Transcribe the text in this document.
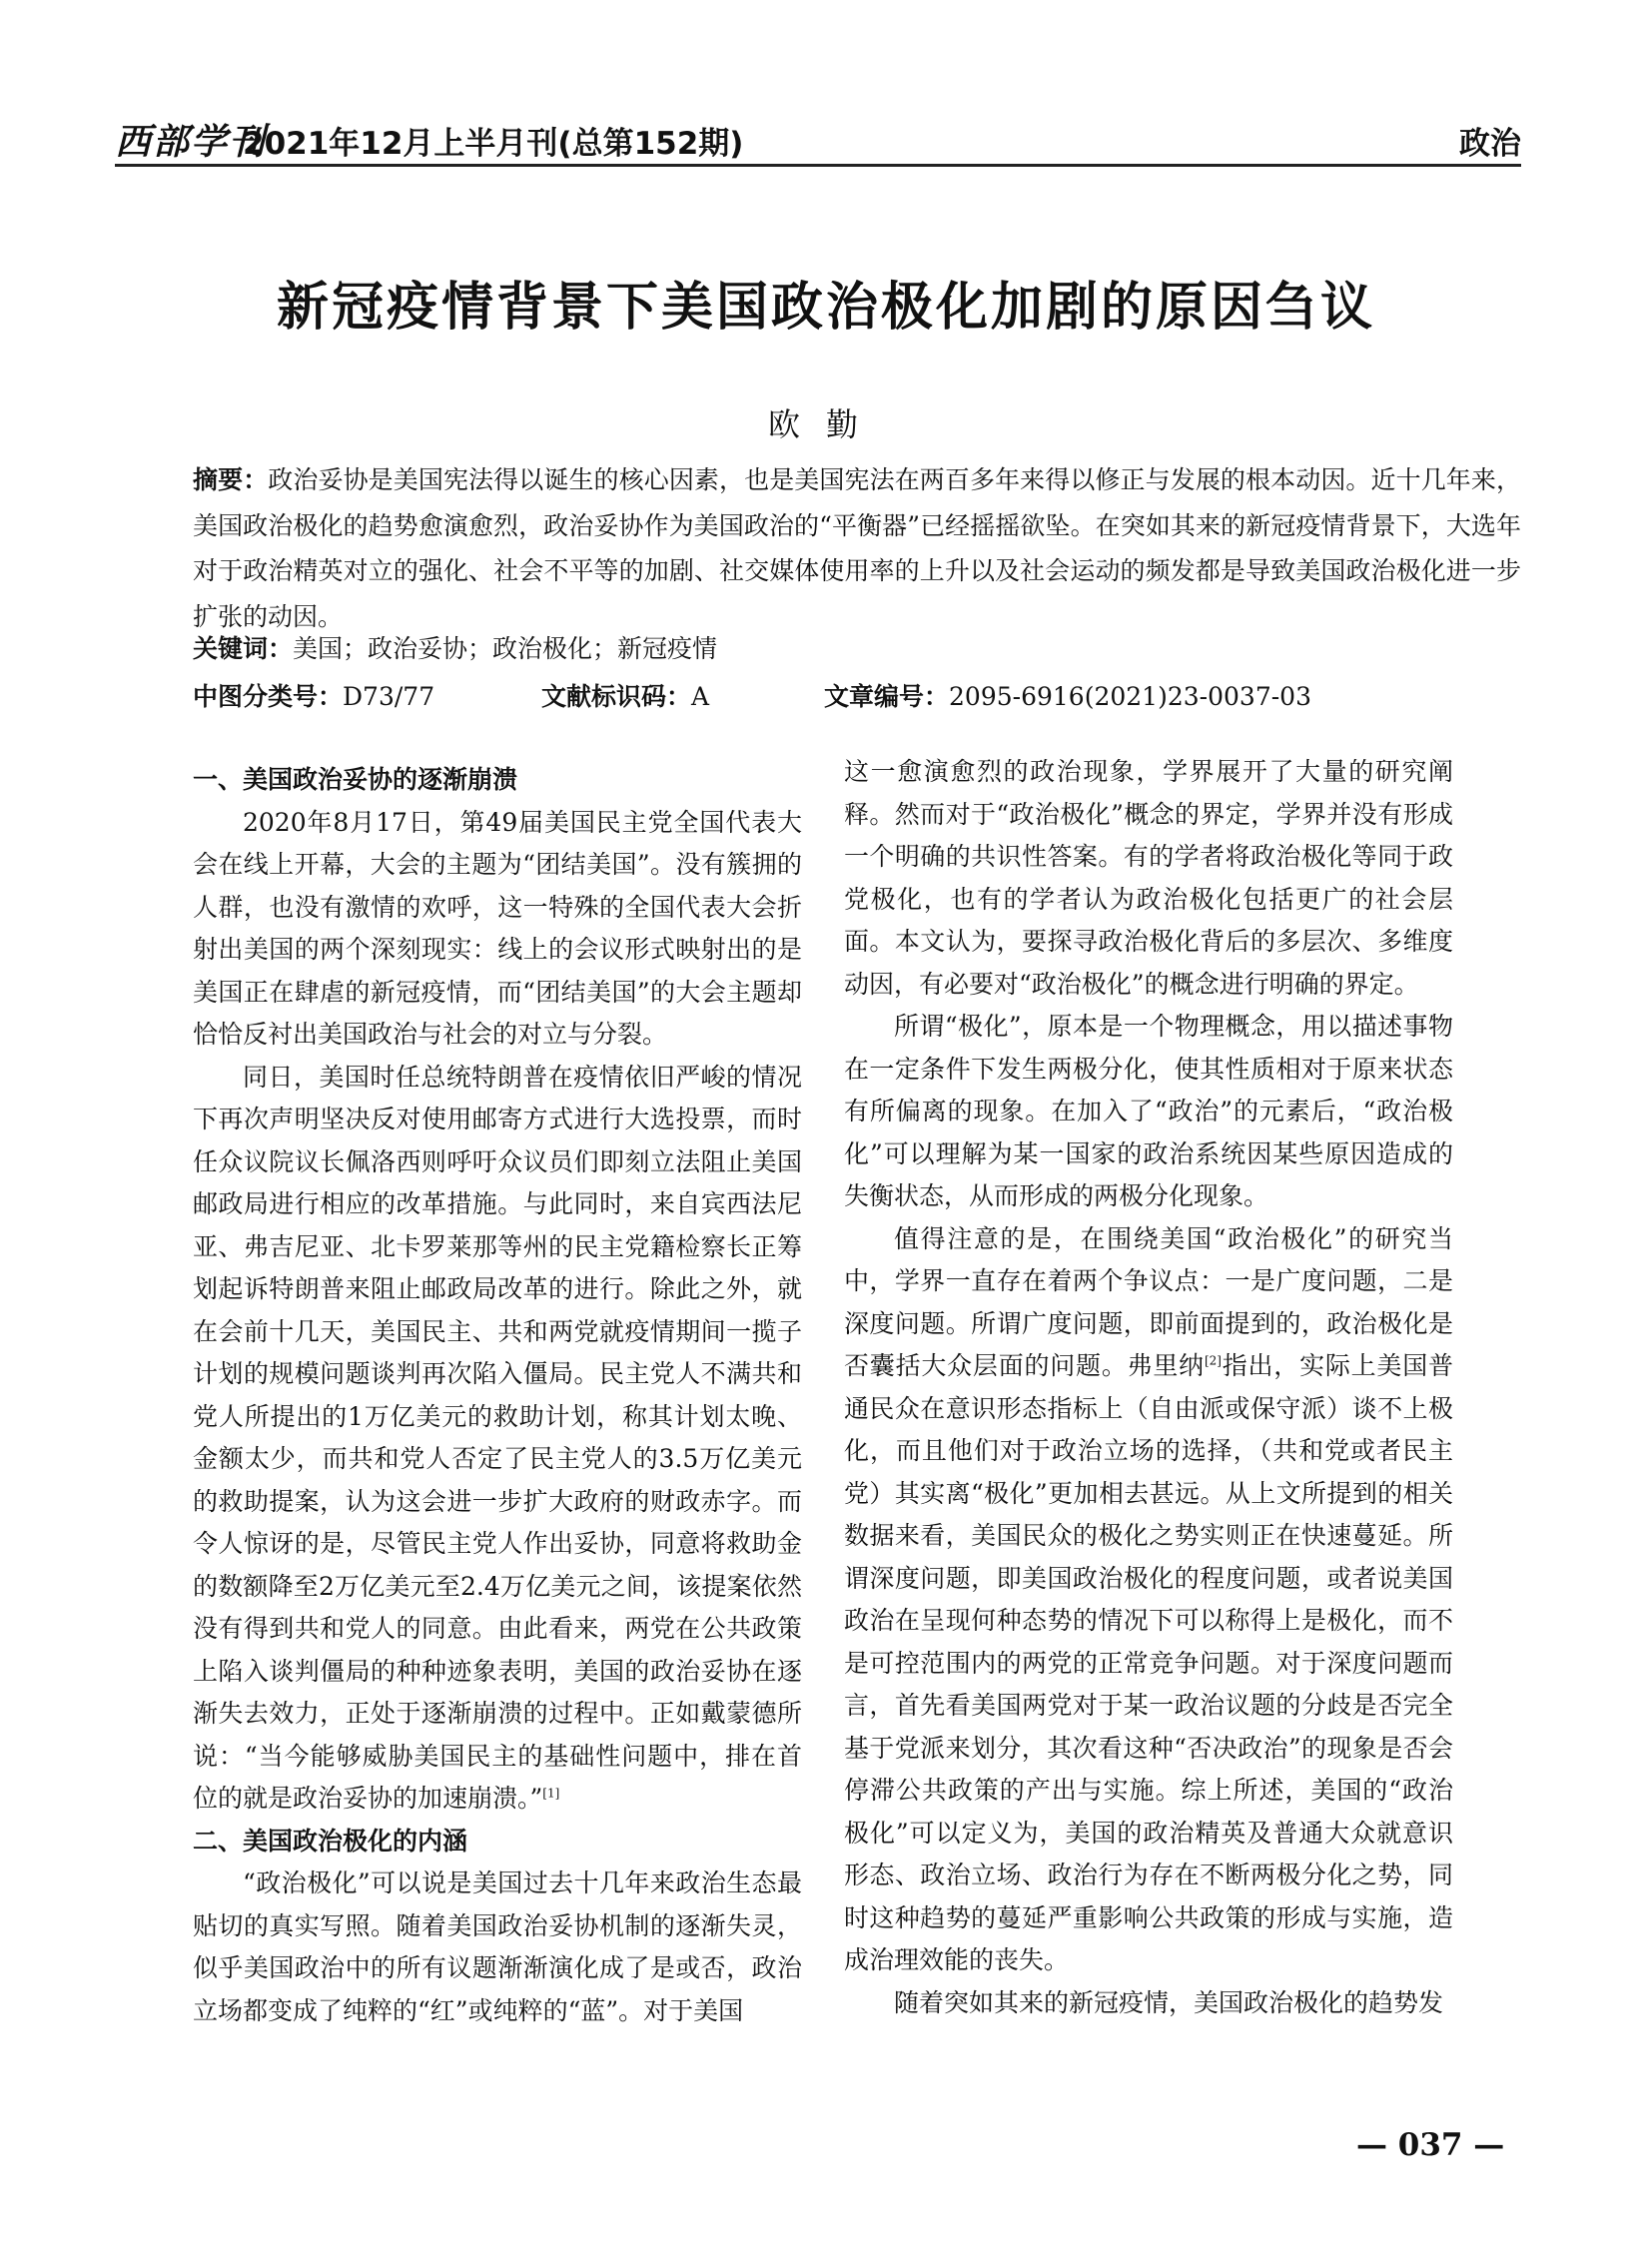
西部学刊
2021年12月上半月刊(总第152期)	政治
新冠疫情背景下美国政治极化加剧的原因刍议
欧勤

摘要：政治妥协是美国宪法得以诞生的核心因素，也是美国宪法在两百多年来得以修正与发展的根本动因。近十几年来，美国政治极化的趋势愈演愈烈，政治妥协作为美国政治的“平衡器”已经摇摇欲坠。在突如其来的新冠疫情背景下，大选年对于政治精英对立的强化、社会不平等的加剧、社交媒体使用率的上升以及社会运动的频发都是导致美国政治极化进一步扩张的动因。

关键词：美国；政治妥协；政治极化；新冠疫情

中图分类号：D73/77	文献标识码：A	文章编号：2095-6916(2021)23-0037-03
一、美国政治妥协的逐渐崩溃

2020年8月17日，第49届美国民主党全国代表大会在线上开幕，大会的主题为“团结美国”。没有簇拥的人群，也没有激情的欢呼，这一特殊的全国代表大会折射出美国的两个深刻现实：线上的会议形式映射出的是美国正在肆虐的新冠疫情，而“团结美国”的大会主题却恰恰反衬出美国政治与社会的对立与分裂。

同日，美国时任总统特朗普在疫情依旧严峻的情况下再次声明坚决反对使用邮寄方式进行大选投票，而时任众议院议长佩洛西则呼吁众议员们即刻立法阻止美国邮政局进行相应的改革措施。与此同时，来自宾西法尼亚、弗吉尼亚、北卡罗莱那等州的民主党籍检察长正筹划起诉特朗普来阻止邮政局改革的进行。除此之外，就在会前十几天，美国民主、共和两党就疫情期间一揽子计划的规模问题谈判再次陷入僵局。民主党人不满共和党人所提出的1万亿美元的救助计划，称其计划太晚、金额太少，而共和党人否定了民主党人的3.5万亿美元的救助提案，认为这会进一步扩大政府的财政赤字。而令人惊讶的是，尽管民主党人作出妥协，同意将救助金的数额降至2万亿美元至2.4万亿美元之间，该提案依然没有得到共和党人的同意。由此看来，两党在公共政策上陷入谈判僵局的种种迹象表明，美国的政治妥协在逐渐失去效力，正处于逐渐崩溃的过程中。正如戴蒙德所说：“当今能够威胁美国民主的基础性问题中，排在首位的就是政治妥协的加速崩溃。”[1]

二、美国政治极化的内涵

“政治极化”可以说是美国过去十几年来政治生态最贴切的真实写照。随着美国政治妥协机制的逐渐失灵，似乎美国政治中的所有议题渐渐演化成了是或否，政治立场都变成了纯粹的“红”或纯粹的“蓝”。对于美国

这一愈演愈烈的政治现象，学界展开了大量的研究阐释。然而对于“政治极化”概念的界定，学界并没有形成一个明确的共识性答案。有的学者将政治极化等同于政党极化，也有的学者认为政治极化包括更广的社会层面。本文认为，要探寻政治极化背后的多层次、多维度动因，有必要对“政治极化”的概念进行明确的界定。

所谓“极化”，原本是一个物理概念，用以描述事物在一定条件下发生两极分化，使其性质相对于原来状态有所偏离的现象。在加入了“政治”的元素后，“政治极化”可以理解为某一国家的政治系统因某些原因造成的失衡状态，从而形成的两极分化现象。

值得注意的是，在围绕美国“政治极化”的研究当中，学界一直存在着两个争议点：一是广度问题，二是深度问题。所谓广度问题，即前面提到的，政治极化是否囊括大众层面的问题。弗里纳[2]指出，实际上美国普通民众在意识形态指标上（自由派或保守派）谈不上极化，而且他们对于政治立场的选择，（共和党或者民主党）其实离“极化”更加相去甚远。从上文所提到的相关数据来看，美国民众的极化之势实则正在快速蔓延。所谓深度问题，即美国政治极化的程度问题，或者说美国政治在呈现何种态势的情况下可以称得上是极化，而不是可控范围内的两党的正常竞争问题。对于深度问题而言，首先看美国两党对于某一政治议题的分歧是否完全基于党派来划分，其次看这种“否决政治”的现象是否会停滞公共政策的产出与实施。综上所述，美国的“政治极化”可以定义为，美国的政治精英及普通大众就意识形态、政治立场、政治行为存在不断两极分化之势，同时这种趋势的蔓延严重影响公共政策的形成与实施，造成治理效能的丧失。

随着突如其来的新冠疫情，美国政治极化的趋势发

— 037 —
